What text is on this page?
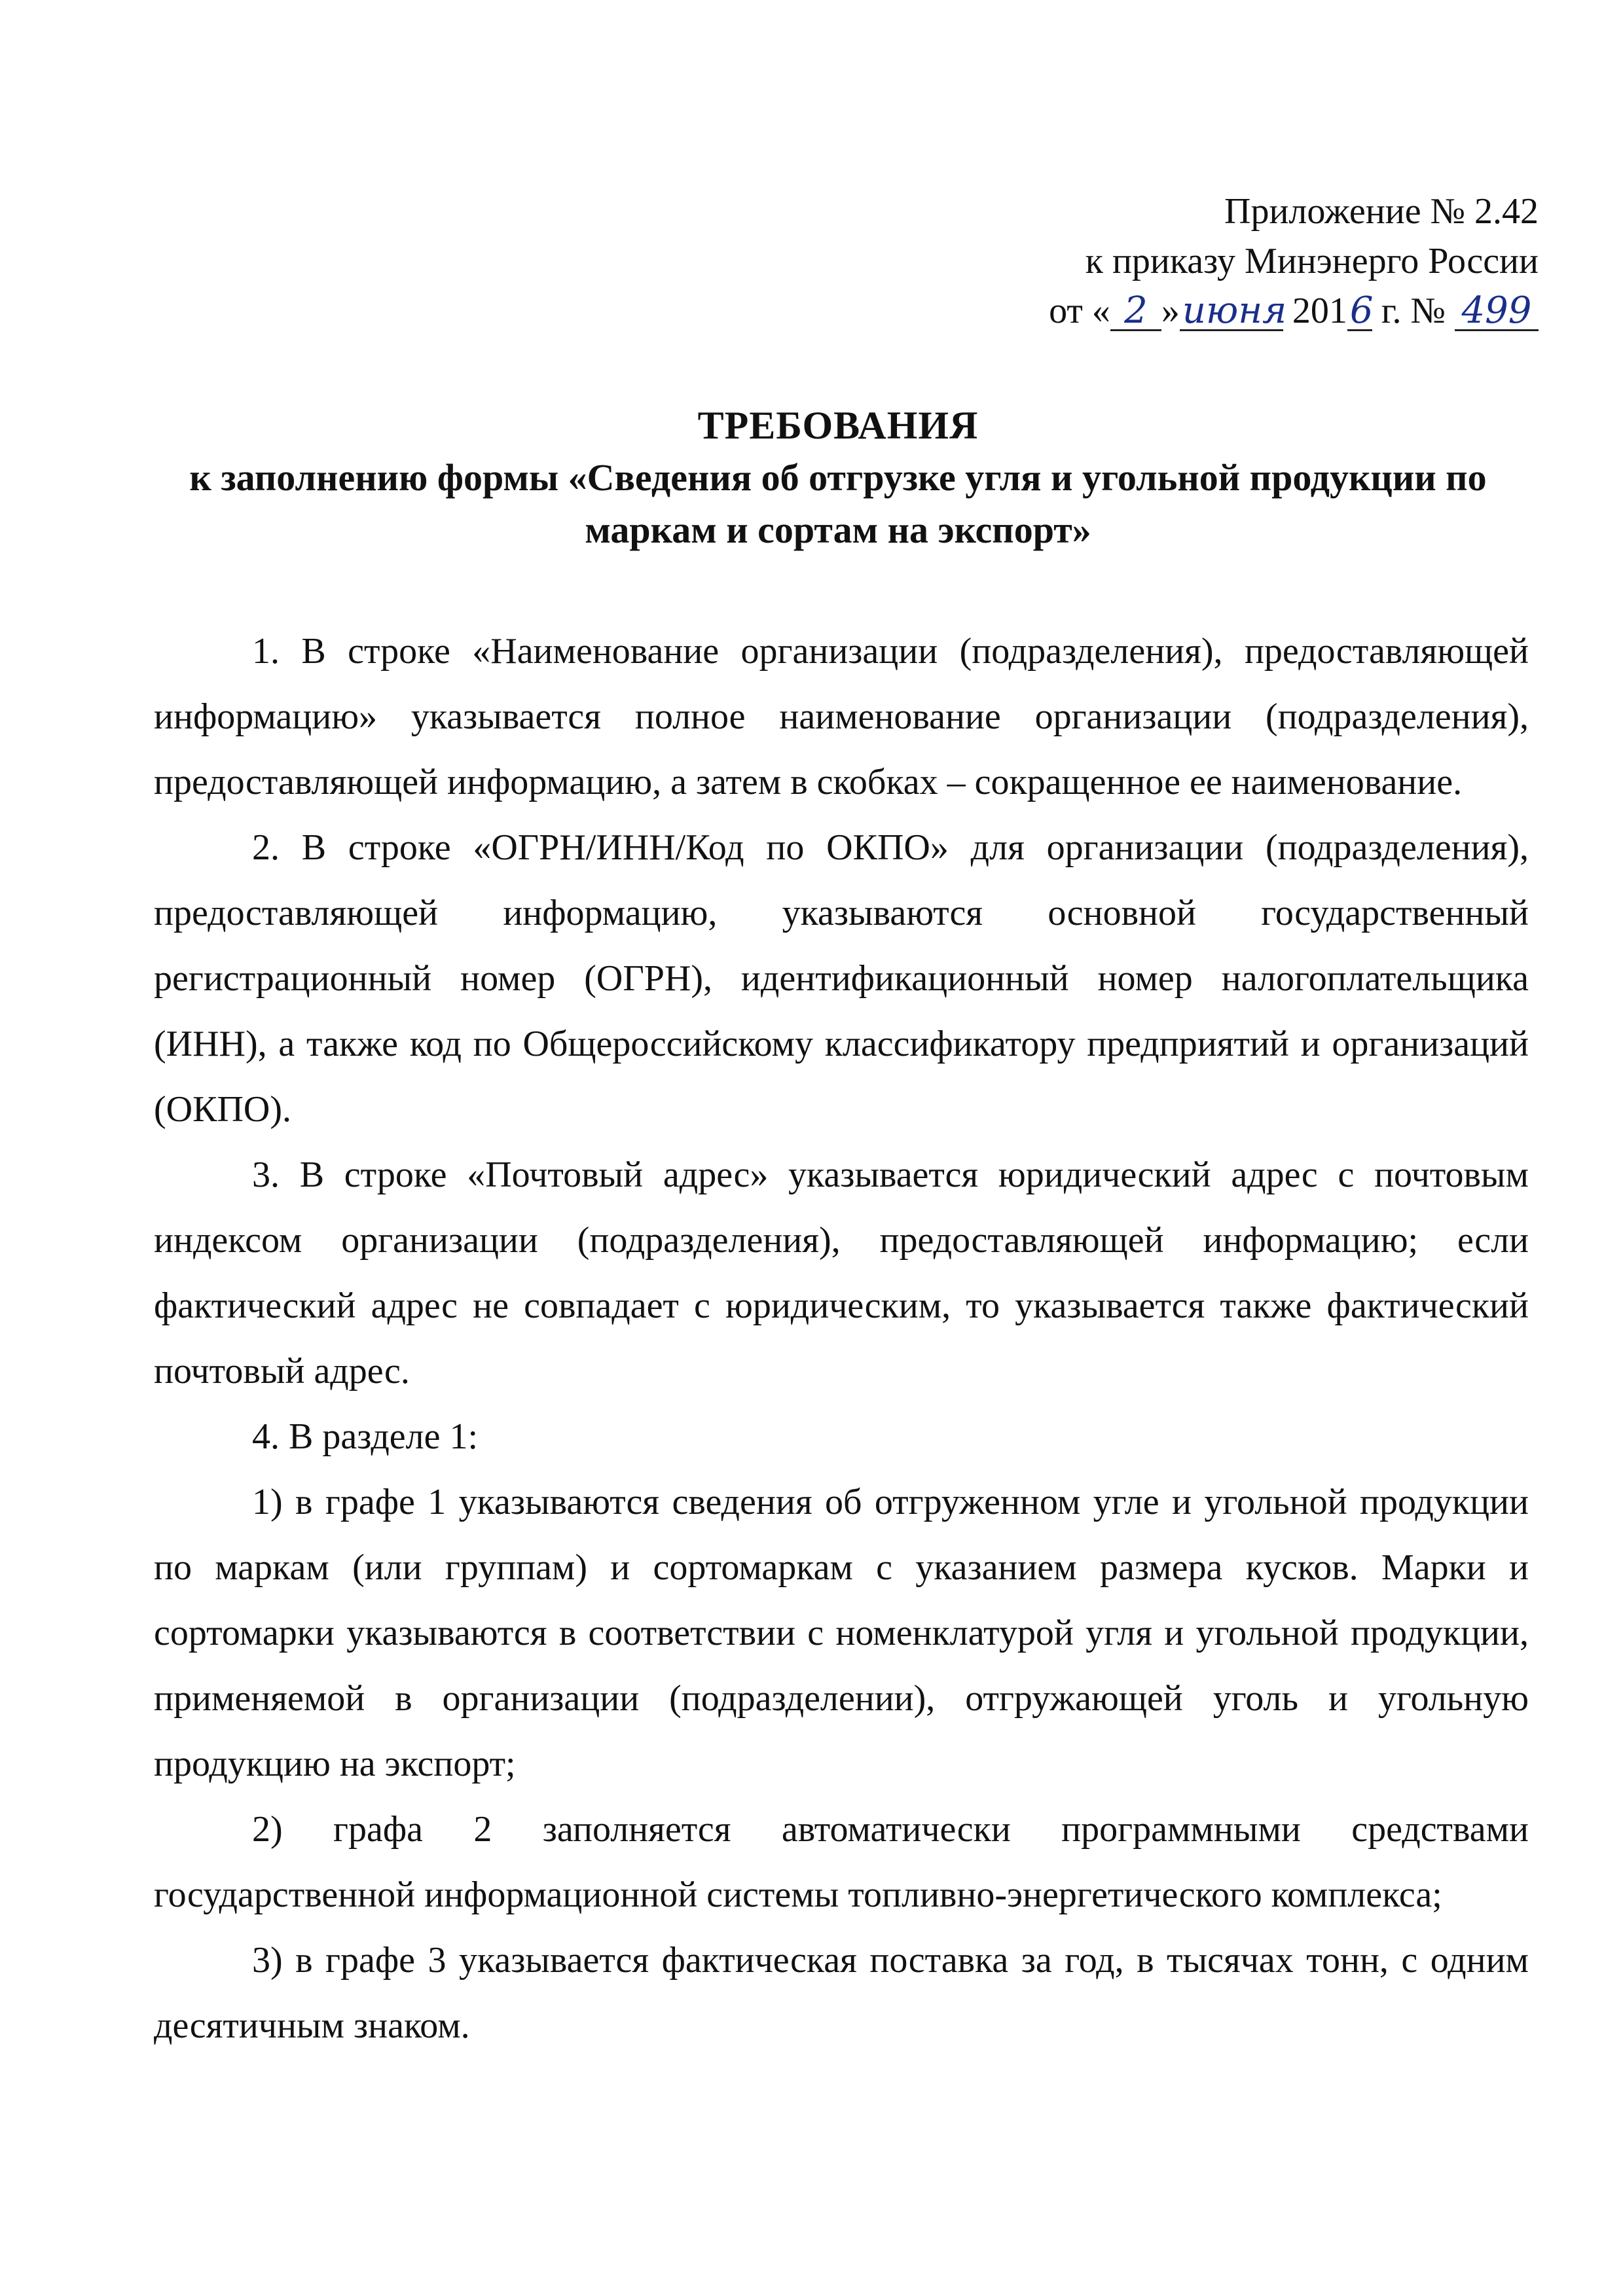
Приложение № 2.42
к приказу Минэнерго России
от « 2 »июня 2016 г. № 499
ТРЕБОВАНИЯ
к заполнению формы «Сведения об отгрузке угля и угольной продукции по
маркам и сортам на экспорт»

1. В строке «Наименование организации (подразделения), предоставляющей информацию» указывается полное наименование организации (подразделения), предоставляющей информацию, а затем в скобках – сокращенное ее наименование.

2. В строке «ОГРН/ИНН/Код по ОКПО» для организации (подразделения), предоставляющей информацию, указываются основной государственный регистрационный номер (ОГРН), идентификационный номер налогоплательщика (ИНН), а также код по Общероссийскому классификатору предприятий и организаций (ОКПО).

3. В строке «Почтовый адрес» указывается юридический адрес с почтовым индексом организации (подразделения), предоставляющей информацию; если фактический адрес не совпадает с юридическим, то указывается также фактический почтовый адрес.

4. В разделе 1:

1) в графе 1 указываются сведения об отгруженном угле и угольной продукции по маркам (или группам) и сортомаркам с указанием размера кусков. Марки и сортомарки указываются в соответствии с номенклатурой угля и угольной продукции, применяемой в организации (подразделении), отгружающей уголь и угольную продукцию на экспорт;

2) графа 2 заполняется автоматически программными средствами государственной информационной системы топливно-энергетического комплекса;

3) в графе 3 указывается фактическая поставка за год, в тысячах тонн, с одним десятичным знаком.
